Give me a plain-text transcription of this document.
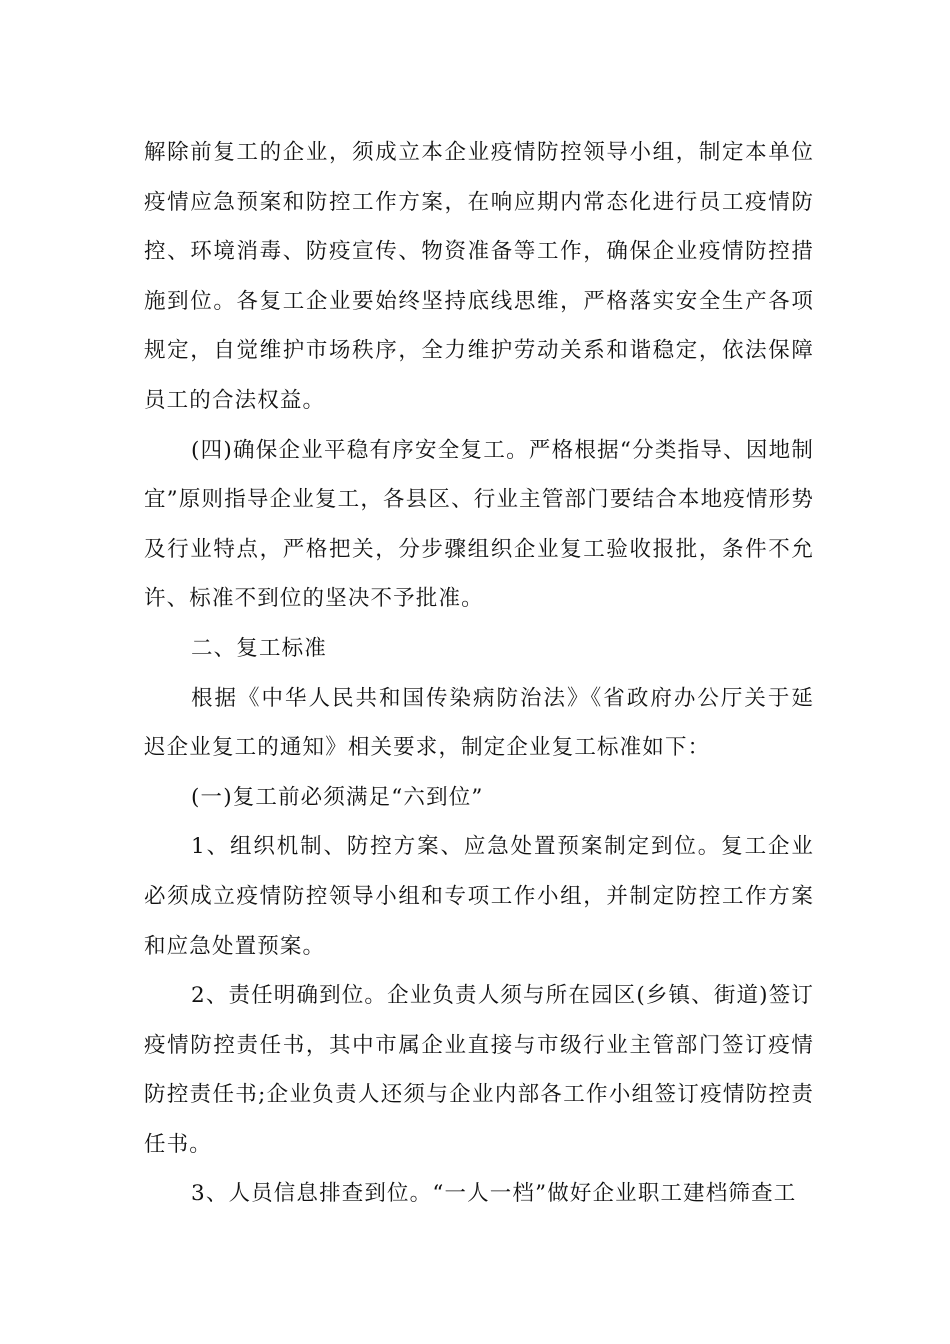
解除前复工的企业，须成立本企业疫情防控领导小组，制定本单位疫情应急预案和防控工作方案，在响应期内常态化进行员工疫情防控、环境消毒、防疫宣传、物资准备等工作，确保企业疫情防控措施到位。各复工企业要始终坚持底线思维，严格落实安全生产各项规定，自觉维护市场秩序，全力维护劳动关系和谐稳定，依法保障员工的合法权益。

(四)确保企业平稳有序安全复工。严格根据“分类指导、因地制宜”原则指导企业复工，各县区、行业主管部门要结合本地疫情形势及行业特点，严格把关，分步骤组织企业复工验收报批，条件不允许、标准不到位的坚决不予批准。

二、复工标准

根据《中华人民共和国传染病防治法》《省政府办公厅关于延迟企业复工的通知》相关要求，制定企业复工标准如下：

(一)复工前必须满足“六到位”

1、组织机制、防控方案、应急处置预案制定到位。复工企业必须成立疫情防控领导小组和专项工作小组，并制定防控工作方案和应急处置预案。

2、责任明确到位。企业负责人须与所在园区(乡镇、街道)签订疫情防控责任书，其中市属企业直接与市级行业主管部门签订疫情防控责任书;企业负责人还须与企业内部各工作小组签订疫情防控责任书。

3、人员信息排查到位。“一人一档”做好企业职工建档筛查工
